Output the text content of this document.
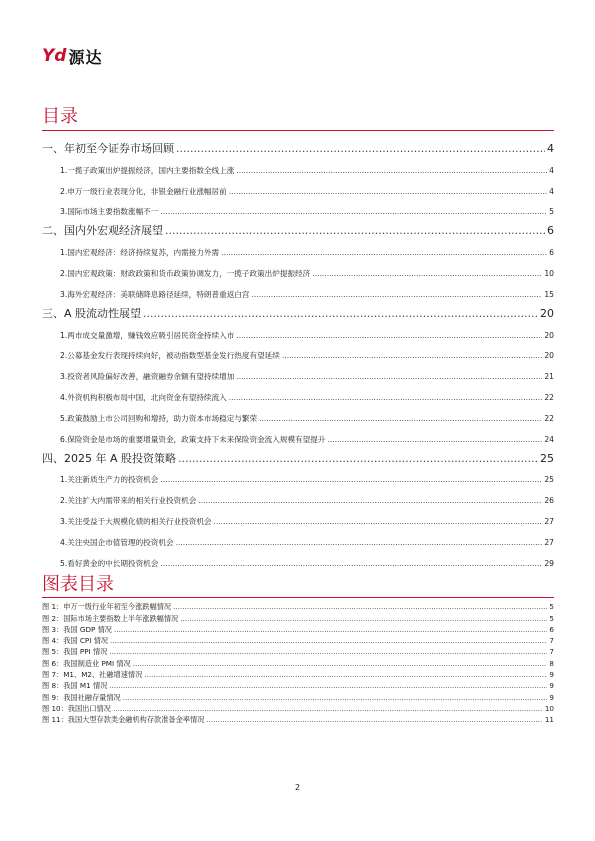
Yd 源达
目录
一、年初至今证券市场回顾 .....	4
1.一揽子政策出炉提振经济，国内主要指数全线上涨 .....	4
2.申万一级行业表现分化，非银金融行业涨幅居前 .....	4
3.国际市场主要指数涨幅不一 .....	5
二、国内外宏观经济展望 .....	6
1.国内宏观经济：经济持续复苏，内需接力外需 .....	6
2.国内宏观政策：财政政策和货币政策协调发力，一揽子政策出炉提振经济 .....	10
3.海外宏观经济：美联储降息路径延续，特朗普重返白宫 .....	15
三、A 股流动性展望 .....	20
1.两市成交量激增，赚钱效应吸引居民资金持续入市 .....	20
2.公募基金发行表现持续向好，被动指数型基金发行热度有望延续 .....	20
3.投资者风险偏好改善，融资融券余额有望持续增加 .....	21
4.外资机构积极布局中国，北向资金有望持续流入 .....	22
5.政策鼓励上市公司回购和增持，助力资本市场稳定与繁荣 .....	22
6.保险资金是市场的重要增量资金，政策支持下未来保险资金流入规模有望提升 .....	24
四、2025 年 A 股投资策略 .....	25
1.关注新质生产力的投资机会 .....	25
2.关注扩大内需带来的相关行业投资机会 .....	26
3.关注受益于大规模化债的相关行业投资机会 .....	27
4.关注央国企市值管理的投资机会 .....	27
5.看好黄金的中长期投资机会 .....	29
图表目录
图 1：申万一级行业年初至今涨跌幅情况 .....	5
图 2：国际市场主要指数上半年涨跌幅情况 .....	5
图 3：我国 GDP 情况 .....	6
图 4：我国 CPI 情况 .....	7
图 5：我国 PPI 情况 .....	7
图 6：我国制造业 PMI 情况 .....	8
图 7：M1、M2、社融增速情况 .....	9
图 8：我国 M1 情况 .....	9
图 9：我国社融存量情况 .....	9
图 10：我国出口情况 .....	10
图 11：我国大型存款类金融机构存款准备金率情况 .....	11
2
